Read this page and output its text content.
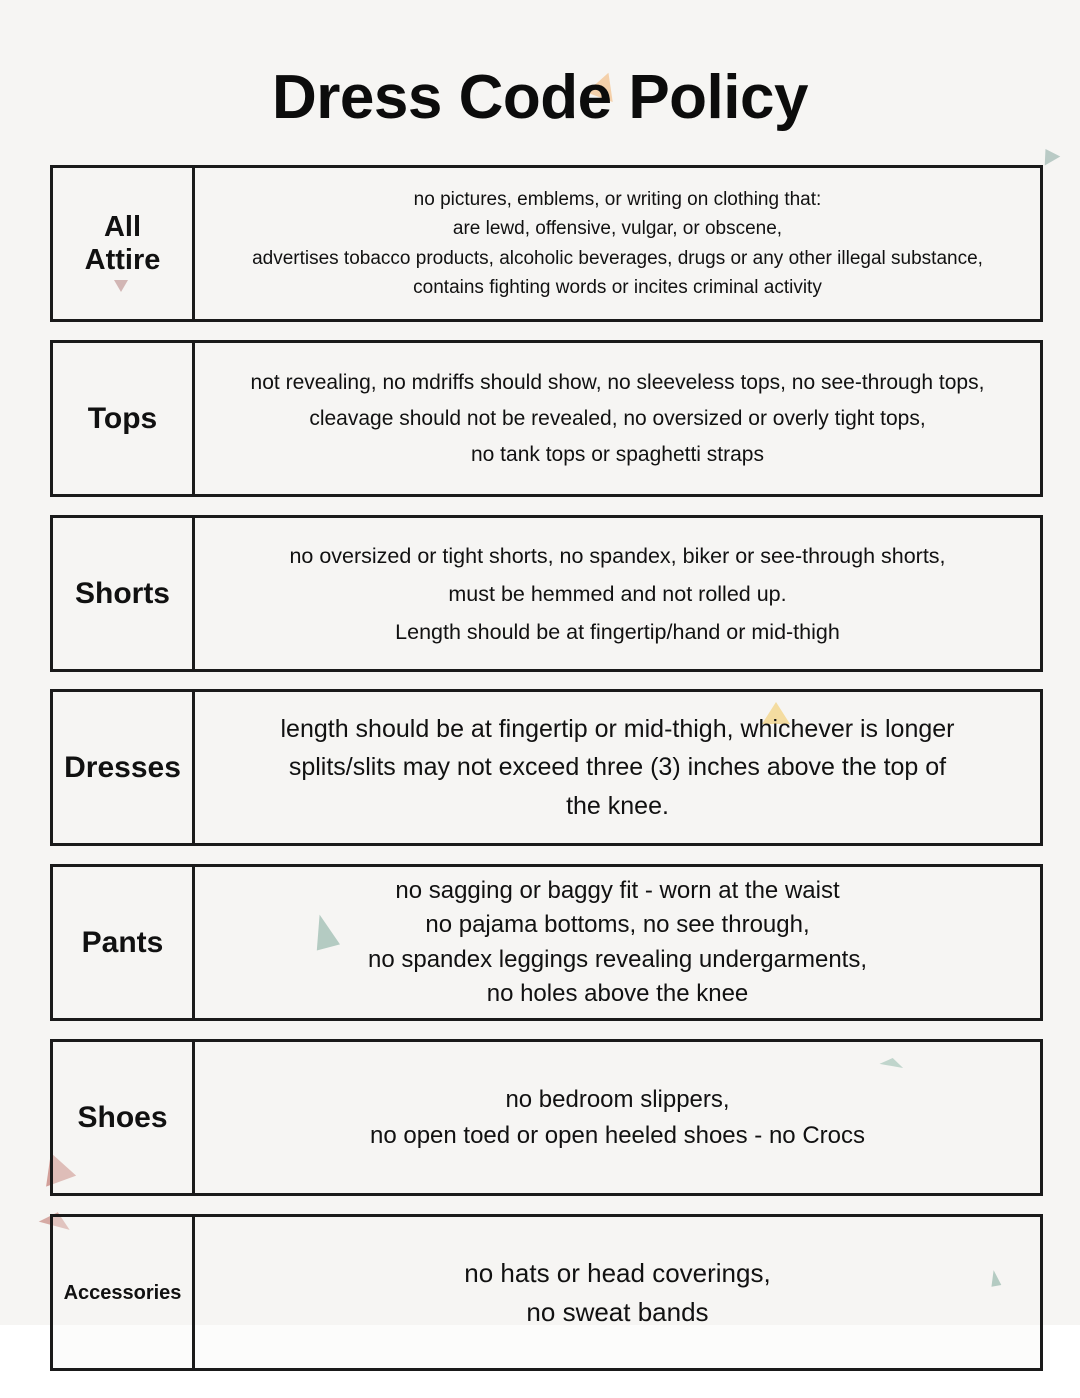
Dress Code Policy
All
Attire
no pictures, emblems, or writing on clothing that:
are lewd, offensive, vulgar, or obscene,
advertises tobacco products, alcoholic beverages, drugs or any other illegal substance,
contains fighting words or incites criminal activity
Tops
not revealing, no mdriffs should show, no sleeveless tops, no see-through tops,
cleavage should not be revealed, no oversized or overly tight tops,
no tank tops or spaghetti straps
Shorts
no oversized or tight shorts, no spandex, biker or see-through shorts,
must be hemmed and not rolled up.
Length should be at fingertip/hand or mid-thigh
Dresses
length should be at fingertip or mid-thigh, whichever is longer
splits/slits may not exceed three (3) inches above the top of
the knee.
Pants
no sagging or baggy fit - worn at the waist
no pajama bottoms, no see through,
no spandex leggings revealing undergarments,
no holes above the knee
Shoes
no bedroom slippers,
no open toed or open heeled shoes - no Crocs
Accessories
no hats or head coverings,
no sweat bands
